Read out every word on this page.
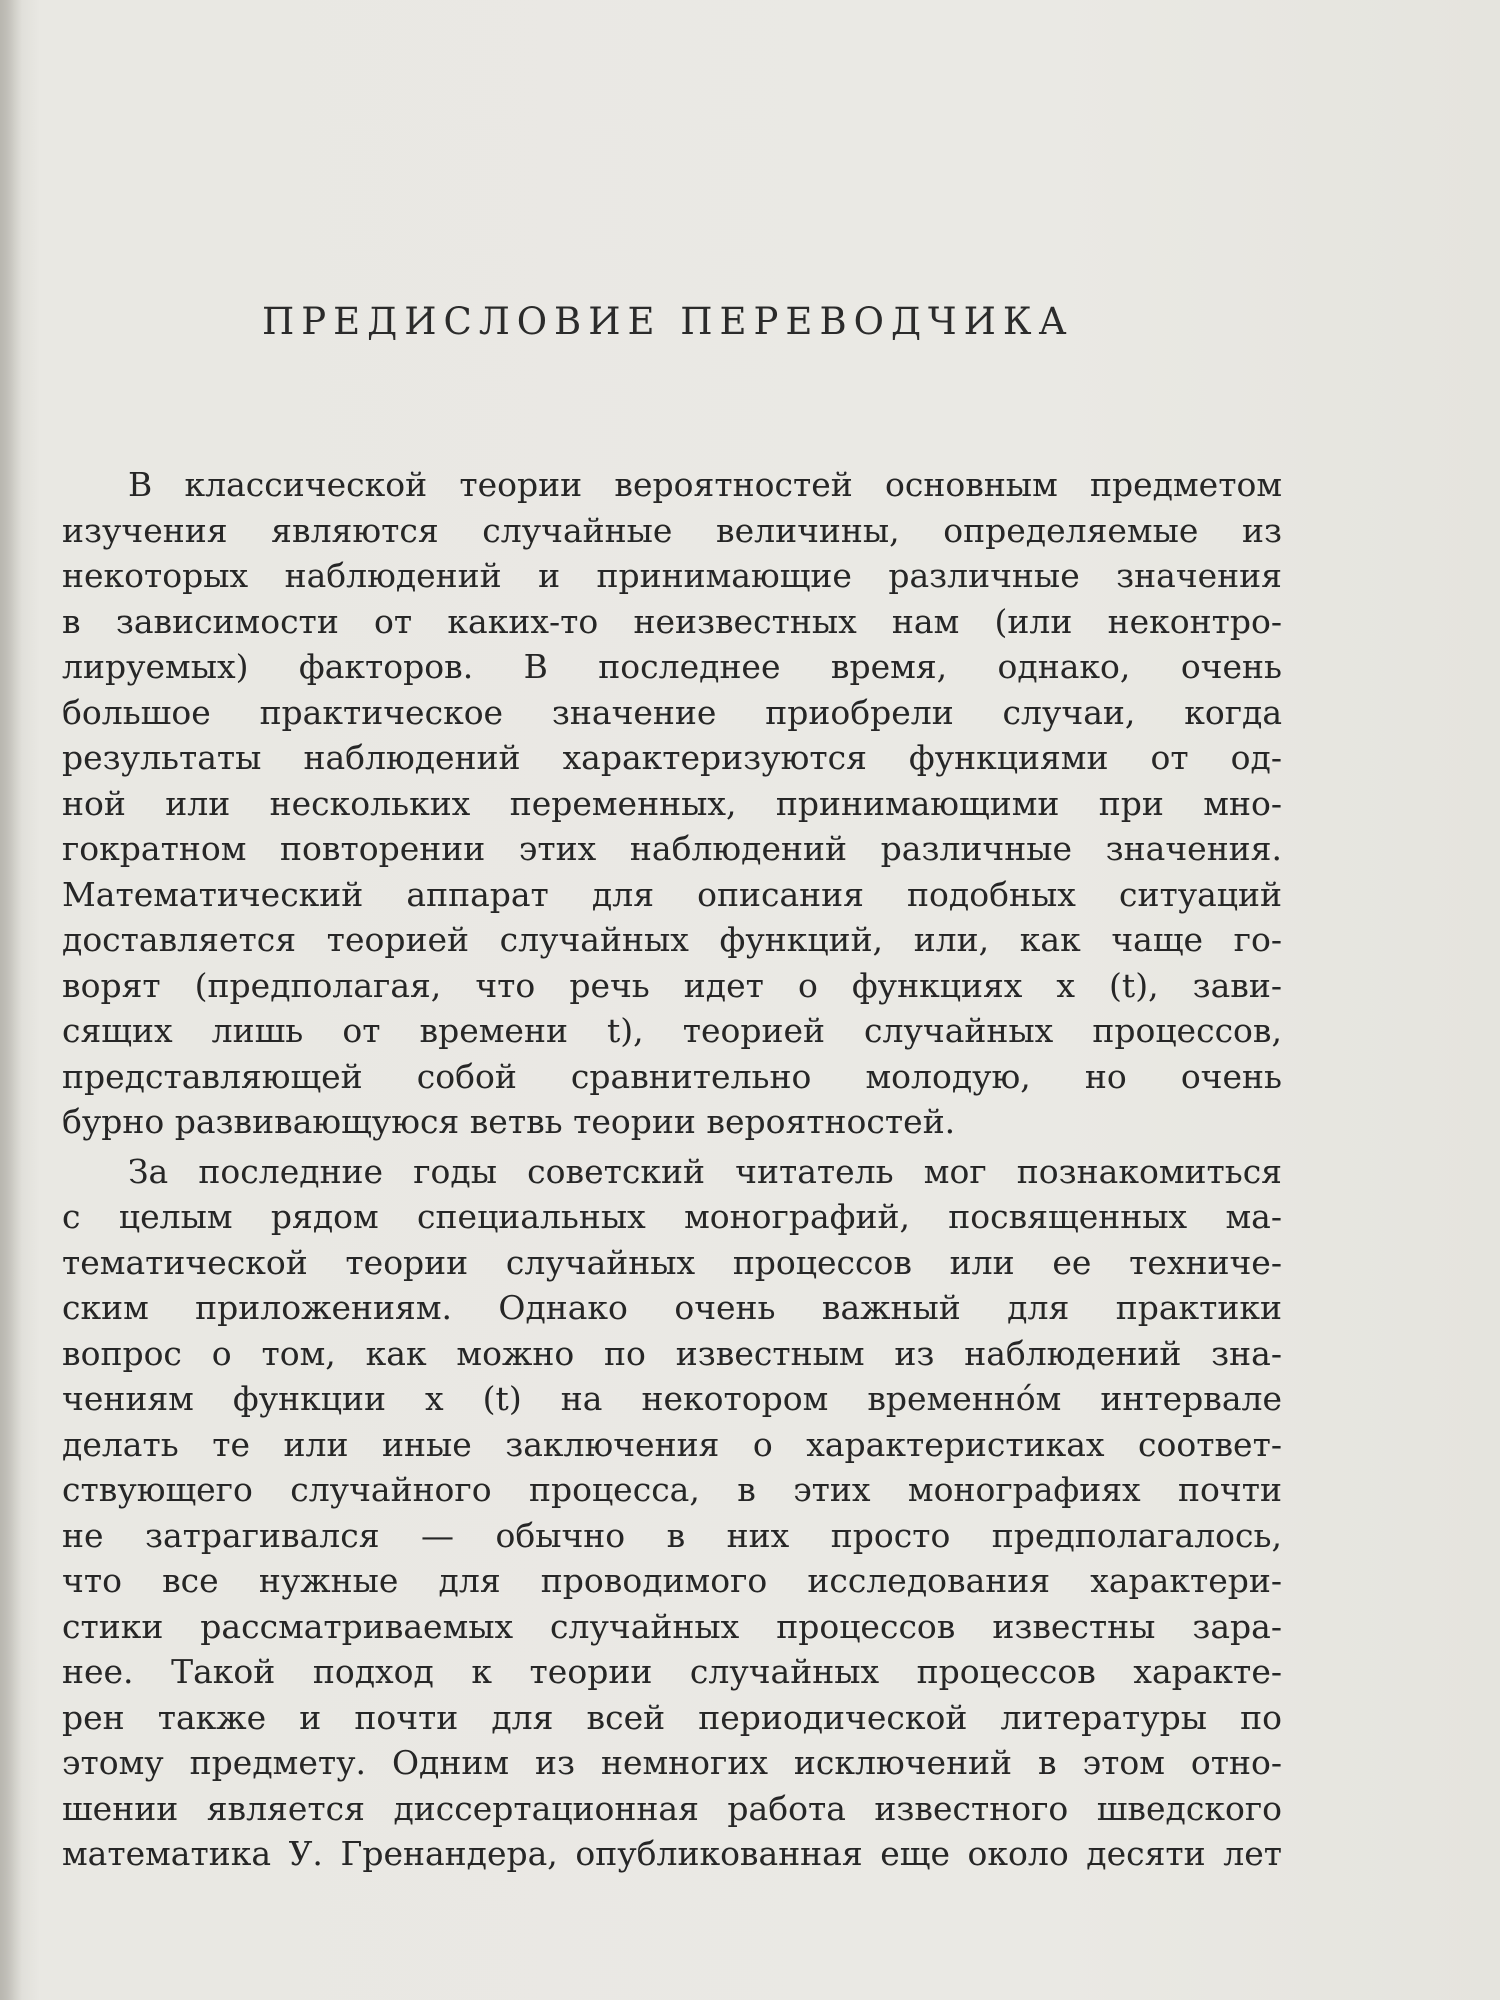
ПРЕДИСЛОВИЕ ПЕРЕВОДЧИКА
В классической теории вероятностей основным предметом
изучения являются случайные величины, определяемые из
некоторых наблюдений и принимающие различные значения
в зависимости от каких-то неизвестных нам (или неконтро-
лируемых) факторов. В последнее время, однако, очень
большое практическое значение приобрели случаи, когда
результаты наблюдений характеризуются функциями от од-
ной или нескольких переменных, принимающими при мно-
гократном повторении этих наблюдений различные значения.
Математический аппарат для описания подобных ситуаций
доставляется теорией случайных функций, или, как чаще го-
ворят (предполагая, что речь идет о функциях x (t), зави-
сящих лишь от времени t), теорией случайных процессов,
представляющей собой сравнительно молодую, но очень
бурно развивающуюся ветвь теории вероятностей.
За последние годы советский читатель мог познакомиться
с целым рядом специальных монографий, посвященных ма-
тематической теории случайных процессов или ее техниче-
ским приложениям. Однако очень важный для практики
вопрос о том, как можно по известным из наблюдений зна-
чениям функции x (t) на некотором временнóм интервале
делать те или иные заключения о характеристиках соответ-
ствующего случайного процесса, в этих монографиях почти
не затрагивался — обычно в них просто предполагалось,
что все нужные для проводимого исследования характери-
стики рассматриваемых случайных процессов известны зара-
нее. Такой подход к теории случайных процессов характе-
рен также и почти для всей периодической литературы по
этому предмету. Одним из немногих исключений в этом отно-
шении является диссертационная работа известного шведского
математика У. Гренандера, опубликованная еще около десяти лет
